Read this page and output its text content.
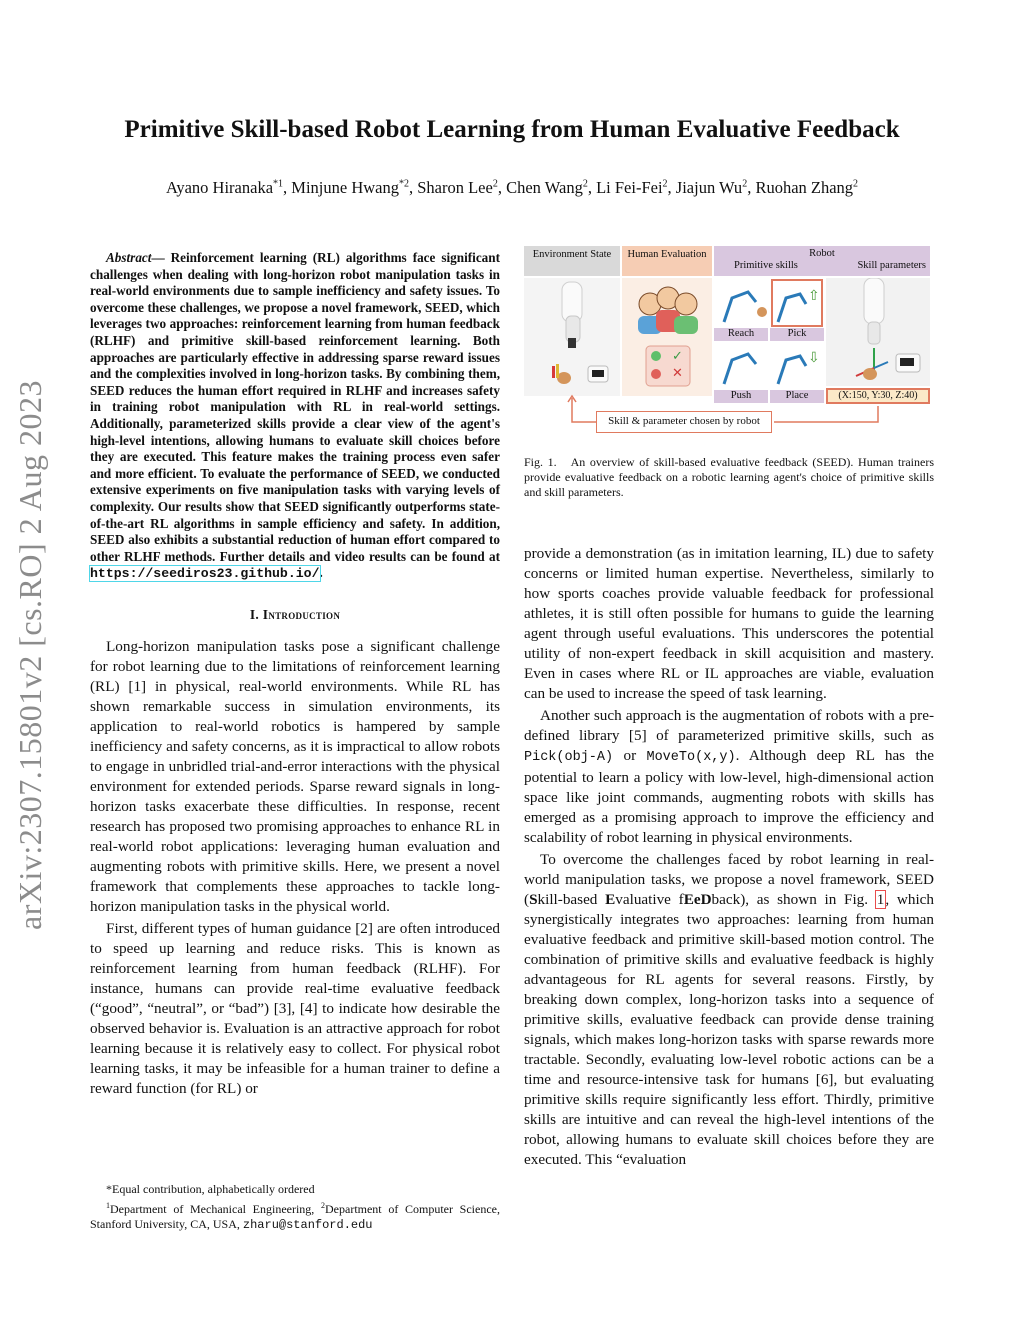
arXiv:2307.15801v2 [cs.RO] 2 Aug 2023
Primitive Skill-based Robot Learning from Human Evaluative Feedback
Ayano Hiranaka$^{*1}$, Minjune Hwang$^{*2}$, Sharon Lee$^2$, Chen Wang$^2$, Li Fei-Fei$^2$, Jiajun Wu$^2$, Ruohan Zhang$^2$

Abstract— Reinforcement learning (RL) algorithms face significant challenges when dealing with long-horizon robot manipulation tasks in real-world environments due to sample inefficiency and safety issues. To overcome these challenges, we propose a novel framework, SEED, which leverages two approaches: reinforcement learning from human feedback (RLHF) and primitive skill-based reinforcement learning. Both approaches are particularly effective in addressing sparse reward issues and the complexities involved in long-horizon tasks. By combining them, SEED reduces the human effort required in RLHF and increases safety in training robot manipulation with RL in real-world settings. Additionally, parameterized skills provide a clear view of the agent's high-level intentions, allowing humans to evaluate skill choices before they are executed. This feature makes the training process even safer and more efficient. To evaluate the performance of SEED, we conducted extensive experiments on five manipulation tasks with varying levels of complexity. Our results show that SEED significantly outperforms state-of-the-art RL algorithms in sample efficiency and safety. In addition, SEED also exhibits a substantial reduction of human effort compared to other RLHF methods. Further details and video results can be found at https://seediros23.github.io/.

I. Introduction

Long-horizon manipulation tasks pose a significant challenge for robot learning due to the limitations of reinforcement learning (RL) [1] in physical, real-world environments. While RL has shown remarkable success in simulation environments, its application to real-world robotics is hampered by sample inefficiency and safety concerns, as it is impractical to allow robots to engage in unbridled trial-and-error interactions with the physical environment for extended periods. Sparse reward signals in long-horizon tasks exacerbate these difficulties. In response, recent research has proposed two promising approaches to enhance RL in real-world robot applications: leveraging human evaluation and augmenting robots with primitive skills. Here, we present a novel framework that complements these approaches to tackle long-horizon manipulation tasks in the physical world.

First, different types of human guidance [2] are often introduced to speed up learning and reduce risks. This is known as reinforcement learning from human feedback (RLHF). For instance, humans can provide real-time evaluative feedback (“good”, “neutral”, or “bad”) [3], [4] to indicate how desirable the observed behavior is. Evaluation is an attractive approach for robot learning because it is relatively easy to collect. For physical robot learning tasks, it may be infeasible for a human trainer to define a reward function (for RL) or

*Equal contribution, alphabetically ordered
$^1$Department of Mechanical Engineering, $^2$Department of Computer Science, Stanford University, CA, USA, zharu@stanford.edu
Environment State	Human Evaluation	Robot
Primitive skills	Skill parameters
✓
✕
⇧
⇩
Reach	Pick
Push	Place	(X:150, Y:30, Z:40)
Skill & parameter chosen by robot

Fig. 1. An overview of skill-based evaluative feedback (SEED). Human trainers provide evaluative feedback on a robotic learning agent's choice of primitive skills and skill parameters.

provide a demonstration (as in imitation learning, IL) due to safety concerns or limited human expertise. Nevertheless, similarly to how sports coaches provide valuable feedback for professional athletes, it is still often possible for humans to guide the learning agent through useful evaluations. This underscores the potential utility of non-expert feedback in skill acquisition and mastery. Even in cases where RL or IL approaches are viable, evaluation can be used to increase the speed of task learning.

Another such approach is the augmentation of robots with a pre-defined library [5] of parameterized primitive skills, such as Pick(obj-A) or MoveTo(x,y). Although deep RL has the potential to learn a policy with low-level, high-dimensional action space like joint commands, augmenting robots with skills has emerged as a promising approach to improve the efficiency and scalability of robot learning in physical environments.

To overcome the challenges faced by robot learning in real-world manipulation tasks, we propose a novel framework, SEED (Skill-based Evaluative fEeDback), as shown in Fig. 1, which synergistically integrates two approaches: learning from human evaluative feedback and primitive skill-based motion control. The combination of primitive skills and evaluative feedback is highly advantageous for RL agents for several reasons. Firstly, by breaking down complex, long-horizon tasks into a sequence of primitive skills, evaluative feedback can provide dense training signals, which makes long-horizon tasks with sparse rewards more tractable. Secondly, evaluating low-level robotic actions can be a time and resource-intensive task for humans [6], but evaluating primitive skills require significantly less effort. Thirdly, primitive skills are intuitive and can reveal the high-level intentions of the robot, allowing humans to evaluate skill choices before they are executed. This “evaluation
